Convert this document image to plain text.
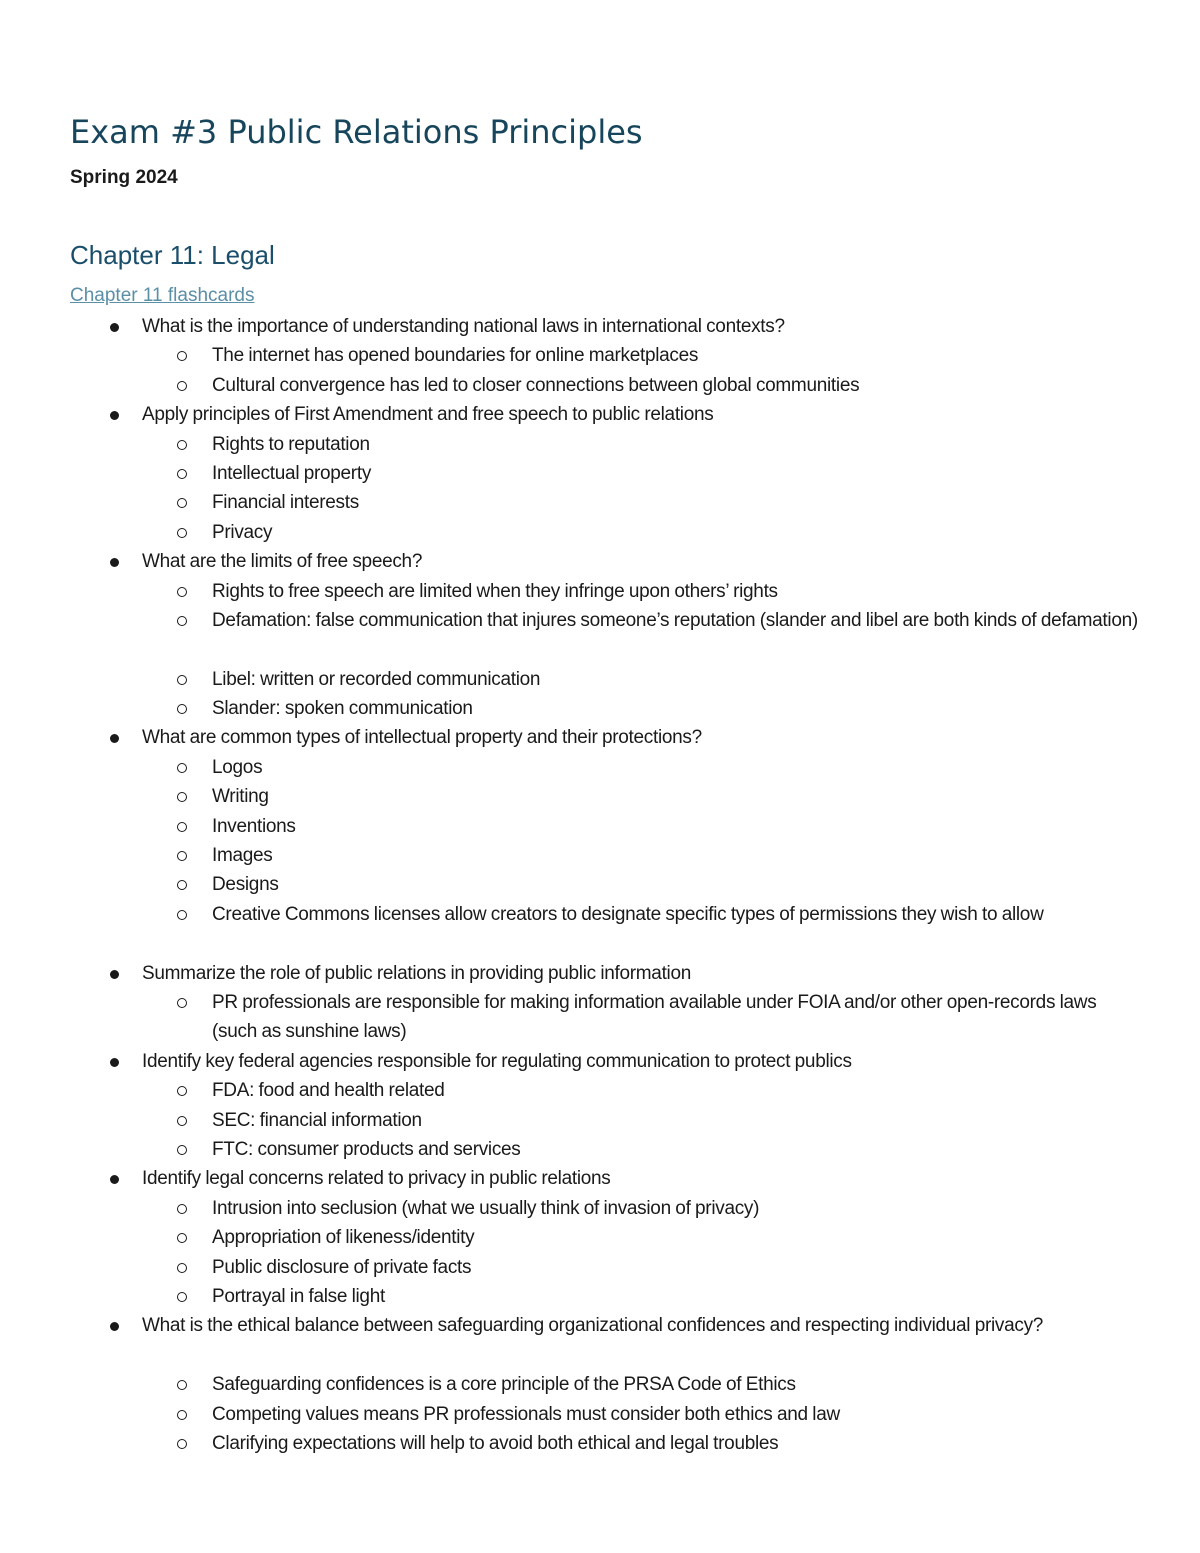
Exam #3 Public Relations Principles

Spring 2024

Chapter 11: Legal
Chapter 11 flashcards
What is the importance of understanding national laws in international contexts?
The internet has opened boundaries for online marketplaces
Cultural convergence has led to closer connections between global communities
Apply principles of First Amendment and free speech to public relations
Rights to reputation
Intellectual property
Financial interests
Privacy
What are the limits of free speech?
Rights to free speech are limited when they infringe upon others’ rights
Defamation: false communication that injures someone’s reputation (slander and libel are both kinds of defamation)
Libel: written or recorded communication
Slander: spoken communication
What are common types of intellectual property and their protections?
Logos
Writing
Inventions
Images
Designs
Creative Commons licenses allow creators to designate specific types of permissions they wish to allow
Summarize the role of public relations in providing public information
PR professionals are responsible for making information available under FOIA and/or other open-records laws (such as sunshine laws)
Identify key federal agencies responsible for regulating communication to protect publics
FDA: food and health related
SEC: financial information
FTC: consumer products and services
Identify legal concerns related to privacy in public relations
Intrusion into seclusion (what we usually think of invasion of privacy)
Appropriation of likeness/identity
Public disclosure of private facts
Portrayal in false light
What is the ethical balance between safeguarding organizational confidences and respecting individual privacy?
Safeguarding confidences is a core principle of the PRSA Code of Ethics
Competing values means PR professionals must consider both ethics and law
Clarifying expectations will help to avoid both ethical and legal troubles
